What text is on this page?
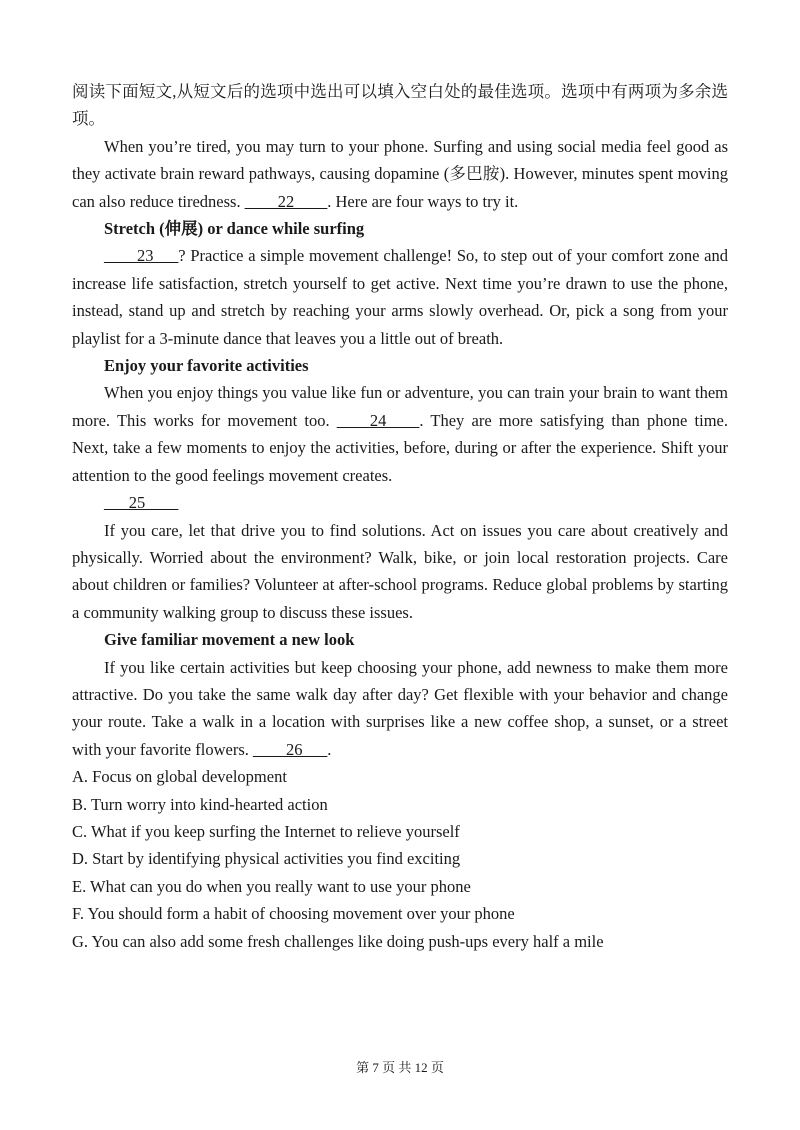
阅读下面短文,从短文后的选项中选出可以填入空白处的最佳选项。选项中有两项为多余选项。

When you’re tired, you may turn to your phone. Surfing and using social media feel good as they activate brain reward pathways, causing dopamine (多巴胺). However, minutes spent moving can also reduce tiredness. ____22____. Here are four ways to try it.

Stretch (伸展) or dance while surfing

____23___? Practice a simple movement challenge! So, to step out of your comfort zone and increase life satisfaction, stretch yourself to get active. Next time you’re drawn to use the phone, instead, stand up and stretch by reaching your arms slowly overhead. Or, pick a song from your playlist for a 3-minute dance that leaves you a little out of breath.

Enjoy your favorite activities

When you enjoy things you value like fun or adventure, you can train your brain to want them more. This works for movement too. ____24____. They are more satisfying than phone time. Next, take a few moments to enjoy the activities, before, during or after the experience. Shift your attention to the good feelings movement creates.

___25____

If you care, let that drive you to find solutions. Act on issues you care about creatively and physically. Worried about the environment? Walk, bike, or join local restoration projects. Care about children or families? Volunteer at after-school programs. Reduce global problems by starting a community walking group to discuss these issues.

Give familiar movement a new look

If you like certain activities but keep choosing your phone, add newness to make them more attractive. Do you take the same walk day after day? Get flexible with your behavior and change your route. Take a walk in a location with surprises like a new coffee shop, a sunset, or a street with your favorite flowers. ____26___.

A. Focus on global development

B. Turn worry into kind-hearted action

C. What if you keep surfing the Internet to relieve yourself

D. Start by identifying physical activities you find exciting

E. What can you do when you really want to use your phone

F. You should form a habit of choosing movement over your phone

G. You can also add some fresh challenges like doing push-ups every half a mile

第 7 页 共 12 页
